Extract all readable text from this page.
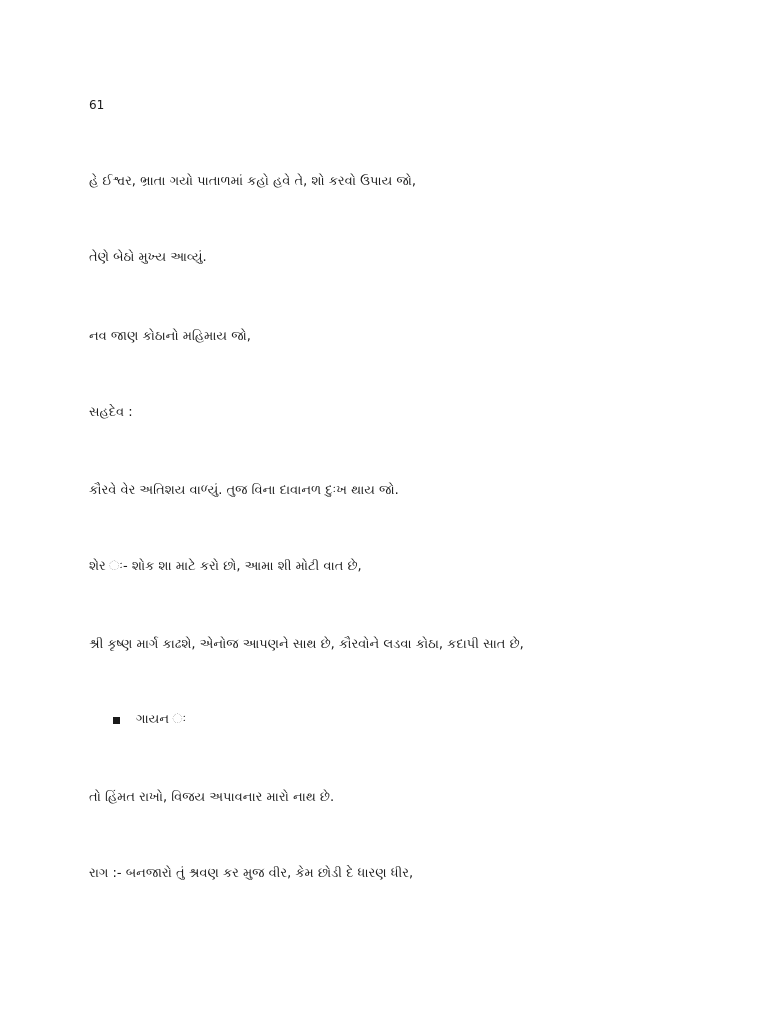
61
હે ઈશ્વર, ભ્રાતા ગયો પાતાળમાં કહો હવે તે, શો કરવો ઉપાય જો,
તેણે બેઠો મુખ્ય આવ્યું.
નવ જાણ કોઠાનો મહિમાય જો,
સહદેવ :
કૌરવે વેર અતિશય વાળ્યું. તુજ વિના દાવાનળ દુઃખ થાય જો.
શેર ઃ- શોક શા માટે કરો છો, આમા શી મોટી વાત છે,
શ્રી કૃષ્ણ માર્ગ કાઢશે, એનોજ આપણને સાથ છે, કૌરવોને લડવા કોઠા, કદાપી સાત છે,
ગાયન ઃ
તો હિંમત રાખો, વિજય અપાવનાર મારો નાથ છે.
રાગ :- બનજારો તું શ્રવણ કર મુજ વીર, કેમ છોડી દે ધારણ ધીર,
